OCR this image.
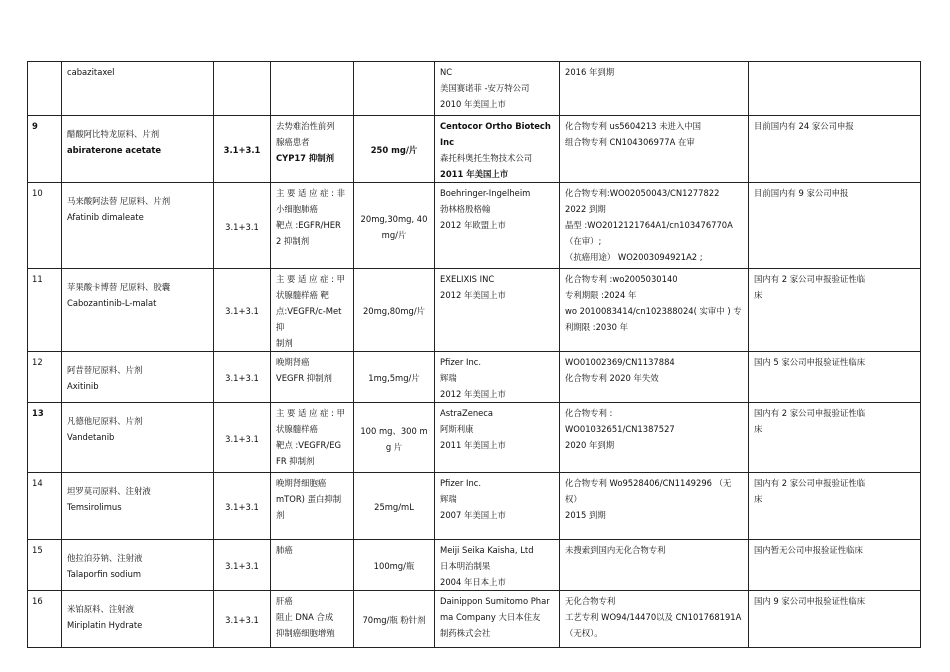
	cabazitaxel				NC
美国赛诺菲 -安万特公司
2010 年美国上市	2016 年到期	

9	醋酸阿比特龙原料、片剂
abiraterone acetate	3.1+3.1	去势难治性前列
腺癌患者
CYP17 抑制剂	250 mg/片	Centocor Ortho Biotech
Inc
森托科奥托生物技术公司
2011 年美国上市	化合物专利 us5604213 未进入中国
组合物专利 CN104306977A 在审	目前国内有 24 家公司申报

10	马来酸阿法替 尼原料、片剂
Afatinib dimaleate	3.1+3.1	主 要 适 应 症 : 非
小细胞肺癌
靶点 :EGFR/HER
2 抑制剂	20mg,30mg, 40mg/片	Boehringer-Ingelheim
勃林格殷格翰
2012 年欧盟上市	化合物专利:WO02050043/CN1277822
2022 到期
晶型 :WO2012121764A1/cn103476770A
（在审）;
（抗癌用途） WO2003094921A2 ;	目前国内有 9 家公司申报

11	苹果酸卡博替 尼原料、胶囊
Cabozantinib-L-malat	3.1+3.1	主 要 适 应 症 : 甲
状腺髓样癌 靶
点:VEGFR/c-Met抑
制剂	20mg,80mg/片	EXELIXIS INC
2012 年美国上市	化合物专利 :wo2005030140
专利期限 :2024 年
wo 2010083414/cn102388024( 实审中 ) 专
利期限 :2030 年	国内有 2 家公司申报验证性临
床

12	阿昔替尼原料、片剂
Axitinib	3.1+3.1	晚期肾癌
VEGFR 抑制剂	1mg,5mg/片	Pfizer Inc.
辉瑞
2012 年美国上市	WO01002369/CN1137884
化合物专利 2020 年失效	国内 5 家公司申报验证性临床

13	凡德他尼原料、片剂
Vandetanib	3.1+3.1	主 要 适 应 症 : 甲
状腺髓样癌
靶点 :VEGFR/EG
FR 抑制剂	100 mg、300 mg 片	AstraZeneca
阿斯利康
2011 年美国上市	化合物专利 :
WO01032651/CN1387527
2020 年到期	国内有 2 家公司申报验证性临
床

14	坦罗莫司原料、注射液
Temsirolimus	3.1+3.1	晚期肾细胞癌
mTOR) 蛋白抑制
剂	25mg/mL	Pfizer Inc.
辉瑞
2007 年美国上市	化合物专利 Wo9528406/CN1149296 （无
权）
2015 到期	国内有 2 家公司申报验证性临
床

15	他拉泊芬钠、注射液
Talaporfin sodium	3.1+3.1	肺癌	100mg/瓶	Meiji Seika Kaisha, Ltd
日本明治制果
2004 年日本上市	未搜索到国内无化合物专利	国内暂无公司申报验证性临床

16	米铂原料、注射液
Miriplatin Hydrate	3.1+3.1	肝癌
阻止 DNA 合成
抑制癌细胞增殖	70mg/瓶 粉针剂	Dainippon Sumitomo Phar
ma Company 大日本住友
制药株式会社	无化合物专利
工艺专利 WO94/14470以及 CN101768191A
（无权）。	国内 9 家公司申报验证性临床
